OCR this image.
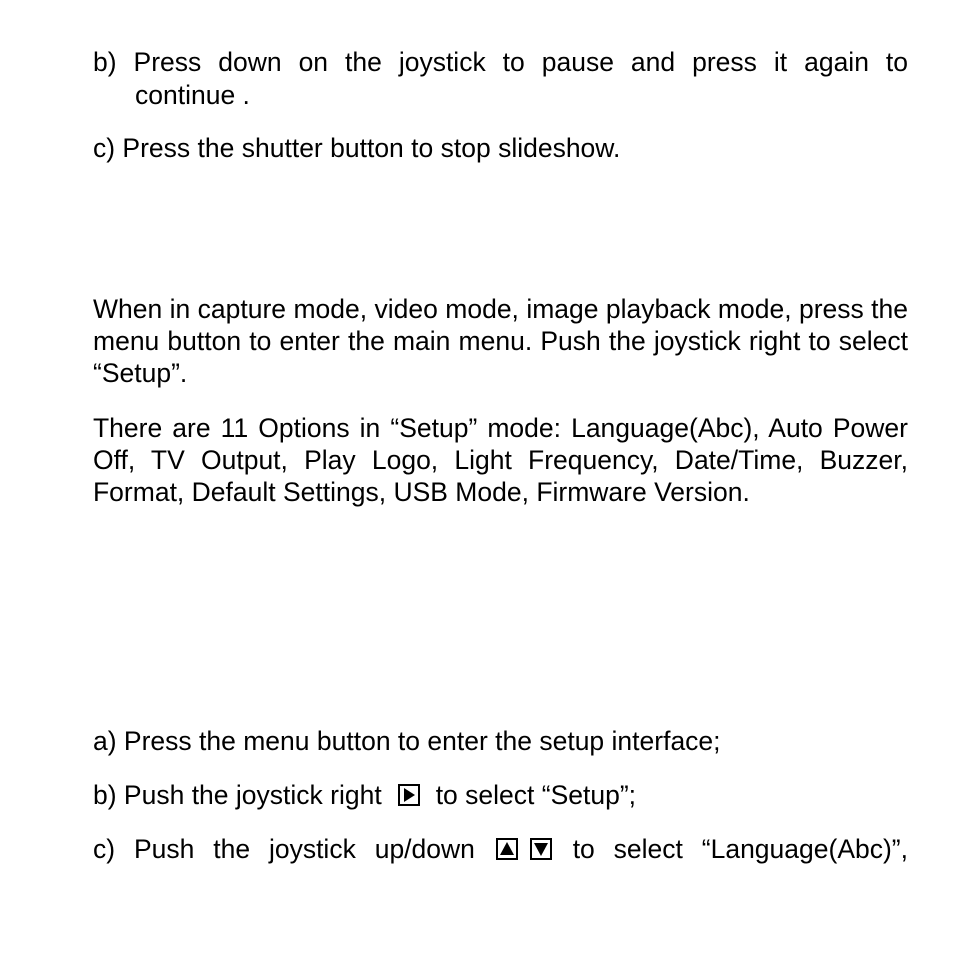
b) Press down on the joystick to pause and press it again to
continue .

c) Press the shutter button to stop slideshow.

When in capture mode, video mode, image playback mode, press the menu button to enter the main menu. Push the joystick right to select “Setup”.

There are 11 Options in “Setup” mode: Language(Abc), Auto Power Off, TV Output, Play Logo, Light Frequency, Date/Time, Buzzer, Format, Default Settings, USB Mode, Firmware Version.

a) Press the menu button to enter the setup interface;

b) Push the joystick right to select “Setup”;

c) Push the joystick up/down	to select “Language(Abc)”,
